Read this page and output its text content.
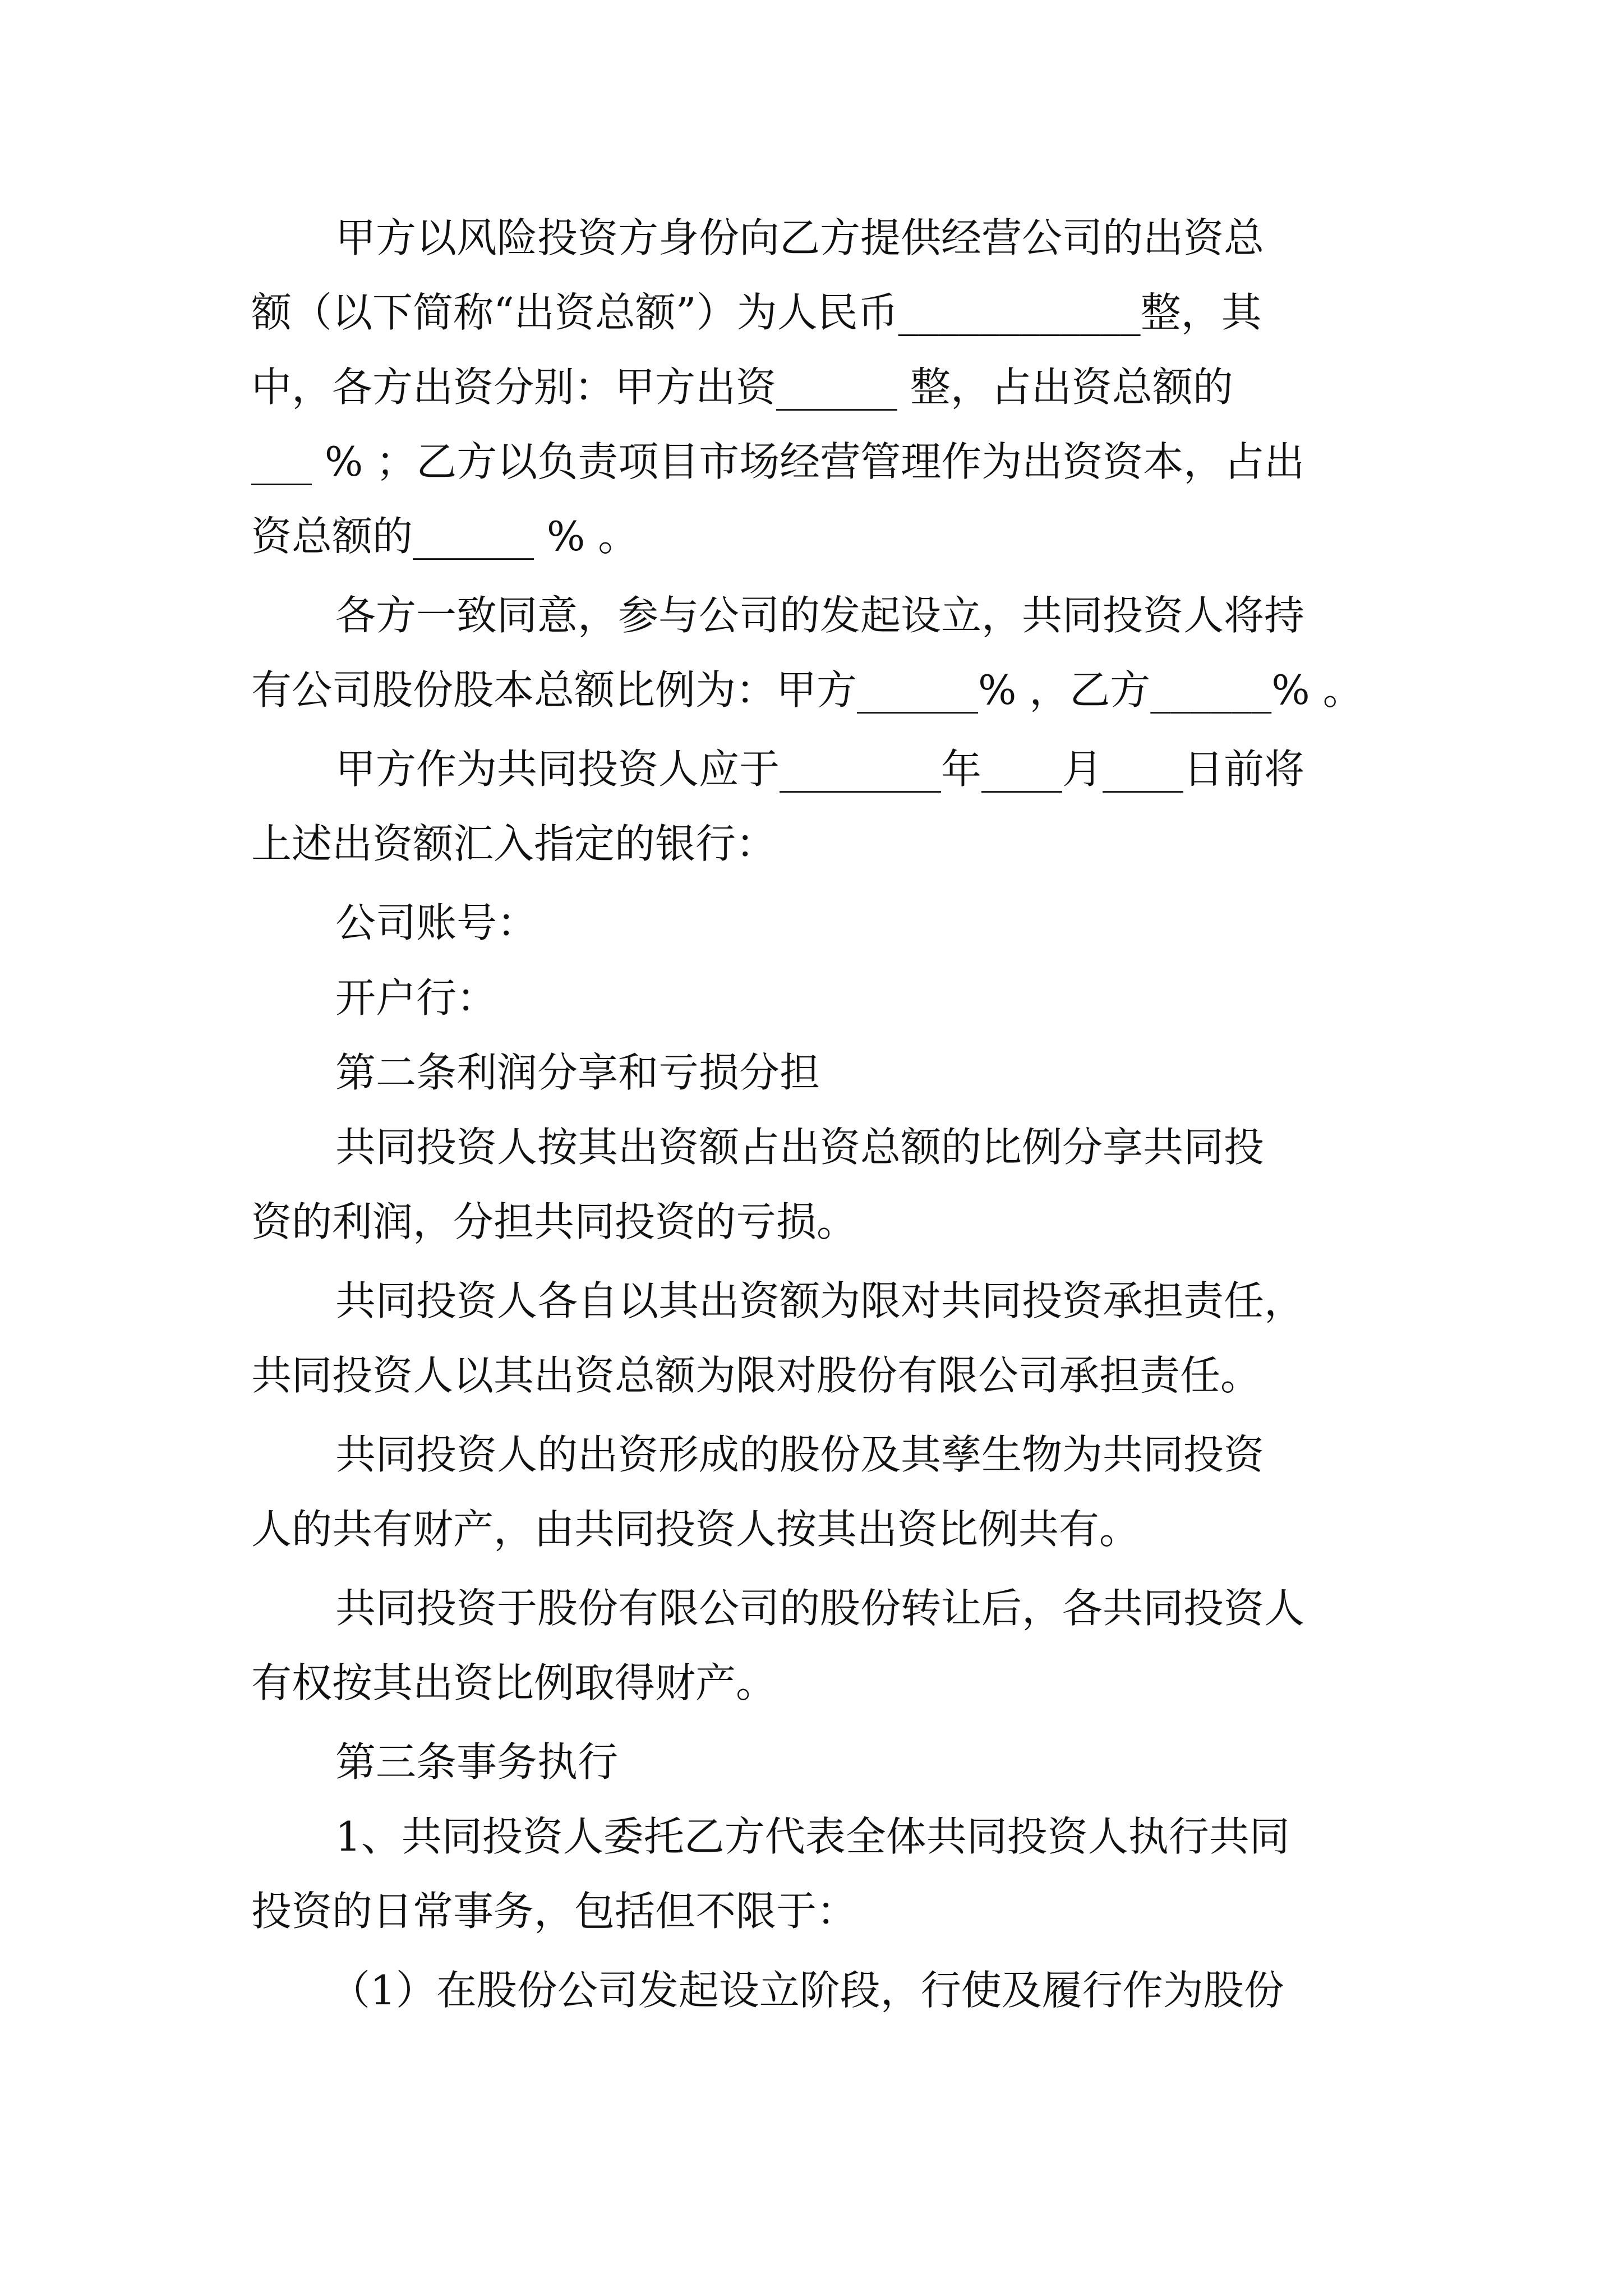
甲方以风险投资方身份向乙方提供经营公司的出资总
额（以下简称“出资总额”）为人民币____________整，其
中，各方出资分别：甲方出资______ 整，占出资总额的
___ % ；乙方以负责项目市场经营管理作为出资资本，占出
资总额的______ % 。
各方一致同意，参与公司的发起设立，共同投资人将持
有公司股份股本总额比例为：甲方______% ，乙方______% 。
甲方作为共同投资人应于________年____月____日前将
上述出资额汇入指定的银行：
公司账号：
开户行：
第二条利润分享和亏损分担
共同投资人按其出资额占出资总额的比例分享共同投
资的利润，分担共同投资的亏损。
共同投资人各自以其出资额为限对共同投资承担责任，
共同投资人以其出资总额为限对股份有限公司承担责任。
共同投资人的出资形成的股份及其孳生物为共同投资
人的共有财产，由共同投资人按其出资比例共有。
共同投资于股份有限公司的股份转让后，各共同投资人
有权按其出资比例取得财产。
第三条事务执行
1、共同投资人委托乙方代表全体共同投资人执行共同
投资的日常事务，包括但不限于：
（1）在股份公司发起设立阶段，行使及履行作为股份
